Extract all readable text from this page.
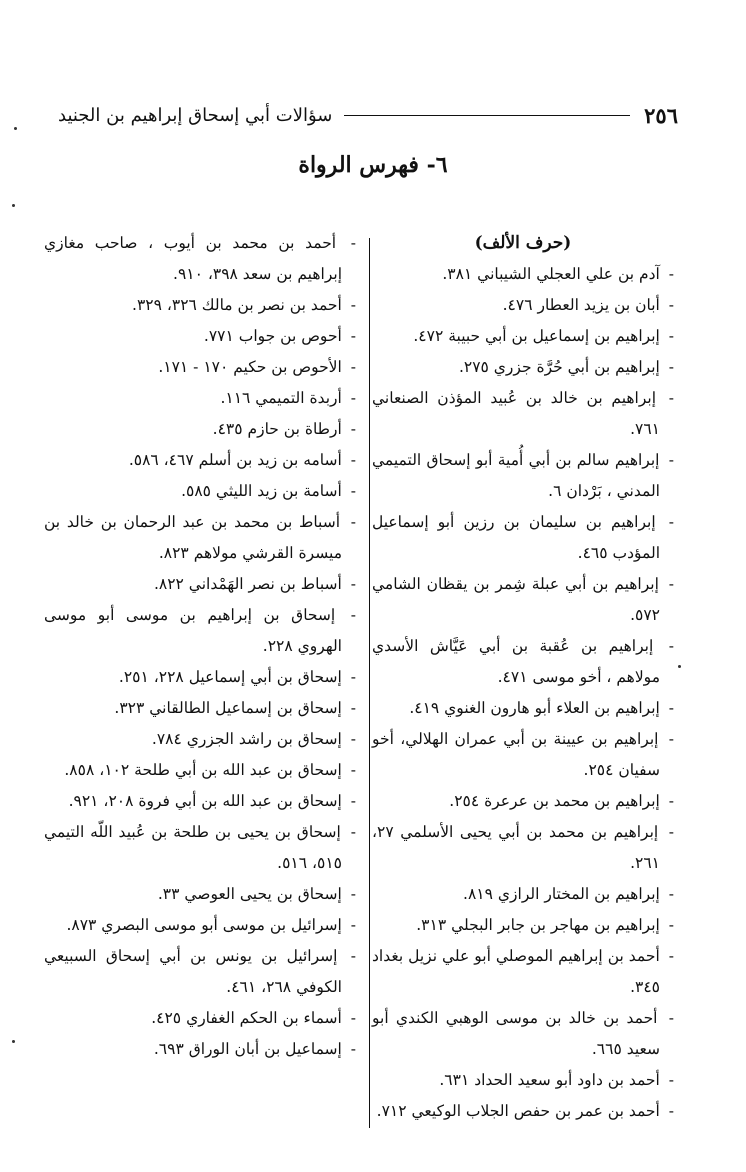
٢٥٦
سؤالات أبي إسحاق إبراهيم بن الجنيد
٦- فهرس الرواة
(حرف الألف)

- آدم بن علي العجلي الشيباني ٣٨١.

- أبان بن يزيد العطار ٤٧٦.

- إبراهيم بن إسماعيل بن أبي حبيبة ٤٧٢.

- إبراهيم بن أبي حُرَّة جزري ٢٧٥.

- إبراهيم بن خالد بن عُبيد المؤذن الصنعاني ٧٦١.

- إبراهيم سالم بن أبي أُمية أبو إسحاق التميمي المدني ، بَرْدان ٦.

- إبراهيم بن سليمان بن رزين أبو إسماعيل المؤدب ٤٦٥.

- إبراهيم بن أبي عبلة شِمر بن يقظان الشامي ٥٧٢.

- إبراهيم بن عُقبة بن أبي عَيَّاش الأسدي مولاهم ، أخو موسى ٤٧١.

- إبراهيم بن العلاء أبو هارون الغنوي ٤١٩.

- إبراهيم بن عيينة بن أبي عمران الهلالي، أخو سفيان ٢٥٤.

- إبراهيم بن محمد بن عرعرة ٢٥٤.

- إبراهيم بن محمد بن أبي يحيى الأسلمي ٢٧، ٢٦١.

- إبراهيم بن المختار الرازي ٨١٩.

- إبراهيم بن مهاجر بن جابر البجلي ٣١٣.

- أحمد بن إبراهيم الموصلي أبو علي نزيل بغداد ٣٤٥.

- أحمد بن خالد بن موسى الوهبي الكندي أبو سعيد ٦٦٥.

- أحمد بن داود أبو سعيد الحداد ٦٣١.

- أحمد بن عمر بن حفص الجلاب الوكيعي ٧١٢.

- أحمد بن محمد بن أيوب ، صاحب مغازي إبراهيم بن سعد ٣٩٨، ٩١٠.

- أحمد بن نصر بن مالك ٣٢٦، ٣٢٩.

- أحوص بن جواب ٧٧١.

- الأحوص بن حكيم ١٧٠ - ١٧١.

- أربدة التميمي ١١٦.

- أرطاة بن حازم ٤٣٥.

- أسامه بن زيد بن أسلم ٤٦٧، ٥٨٦.

- أسامة بن زيد الليثي ٥٨٥.

- أسباط بن محمد بن عبد الرحمان بن خالد بن ميسرة القرشي مولاهم ٨٢٣.

- أسباط بن نصر الهَمْداني ٨٢٢.

- إسحاق بن إبراهيم بن موسى أبو موسى الهروي ٢٢٨.

- إسحاق بن أبي إسماعيل ٢٢٨، ٢٥١.

- إسحاق بن إسماعيل الطالقاني ٣٢٣.

- إسحاق بن راشد الجزري ٧٨٤.

- إسحاق بن عبد الله بن أبي طلحة ١٠٢، ٨٥٨.

- إسحاق بن عبد الله بن أبي فروة ٢٠٨، ٩٢١.

- إسحاق بن يحيى بن طلحة بن عُبيد اللّه التيمي ٥١٥، ٥١٦.

- إسحاق بن يحيى العوصي ٣٣.

- إسرائيل بن موسى أبو موسى البصري ٨٧٣.

- إسرائيل بن يونس بن أبي إسحاق السبيعي الكوفي ٢٦٨، ٤٦١.

- أسماء بن الحكم الغفاري ٤٢٥.

- إسماعيل بن أبان الوراق ٦٩٣.
